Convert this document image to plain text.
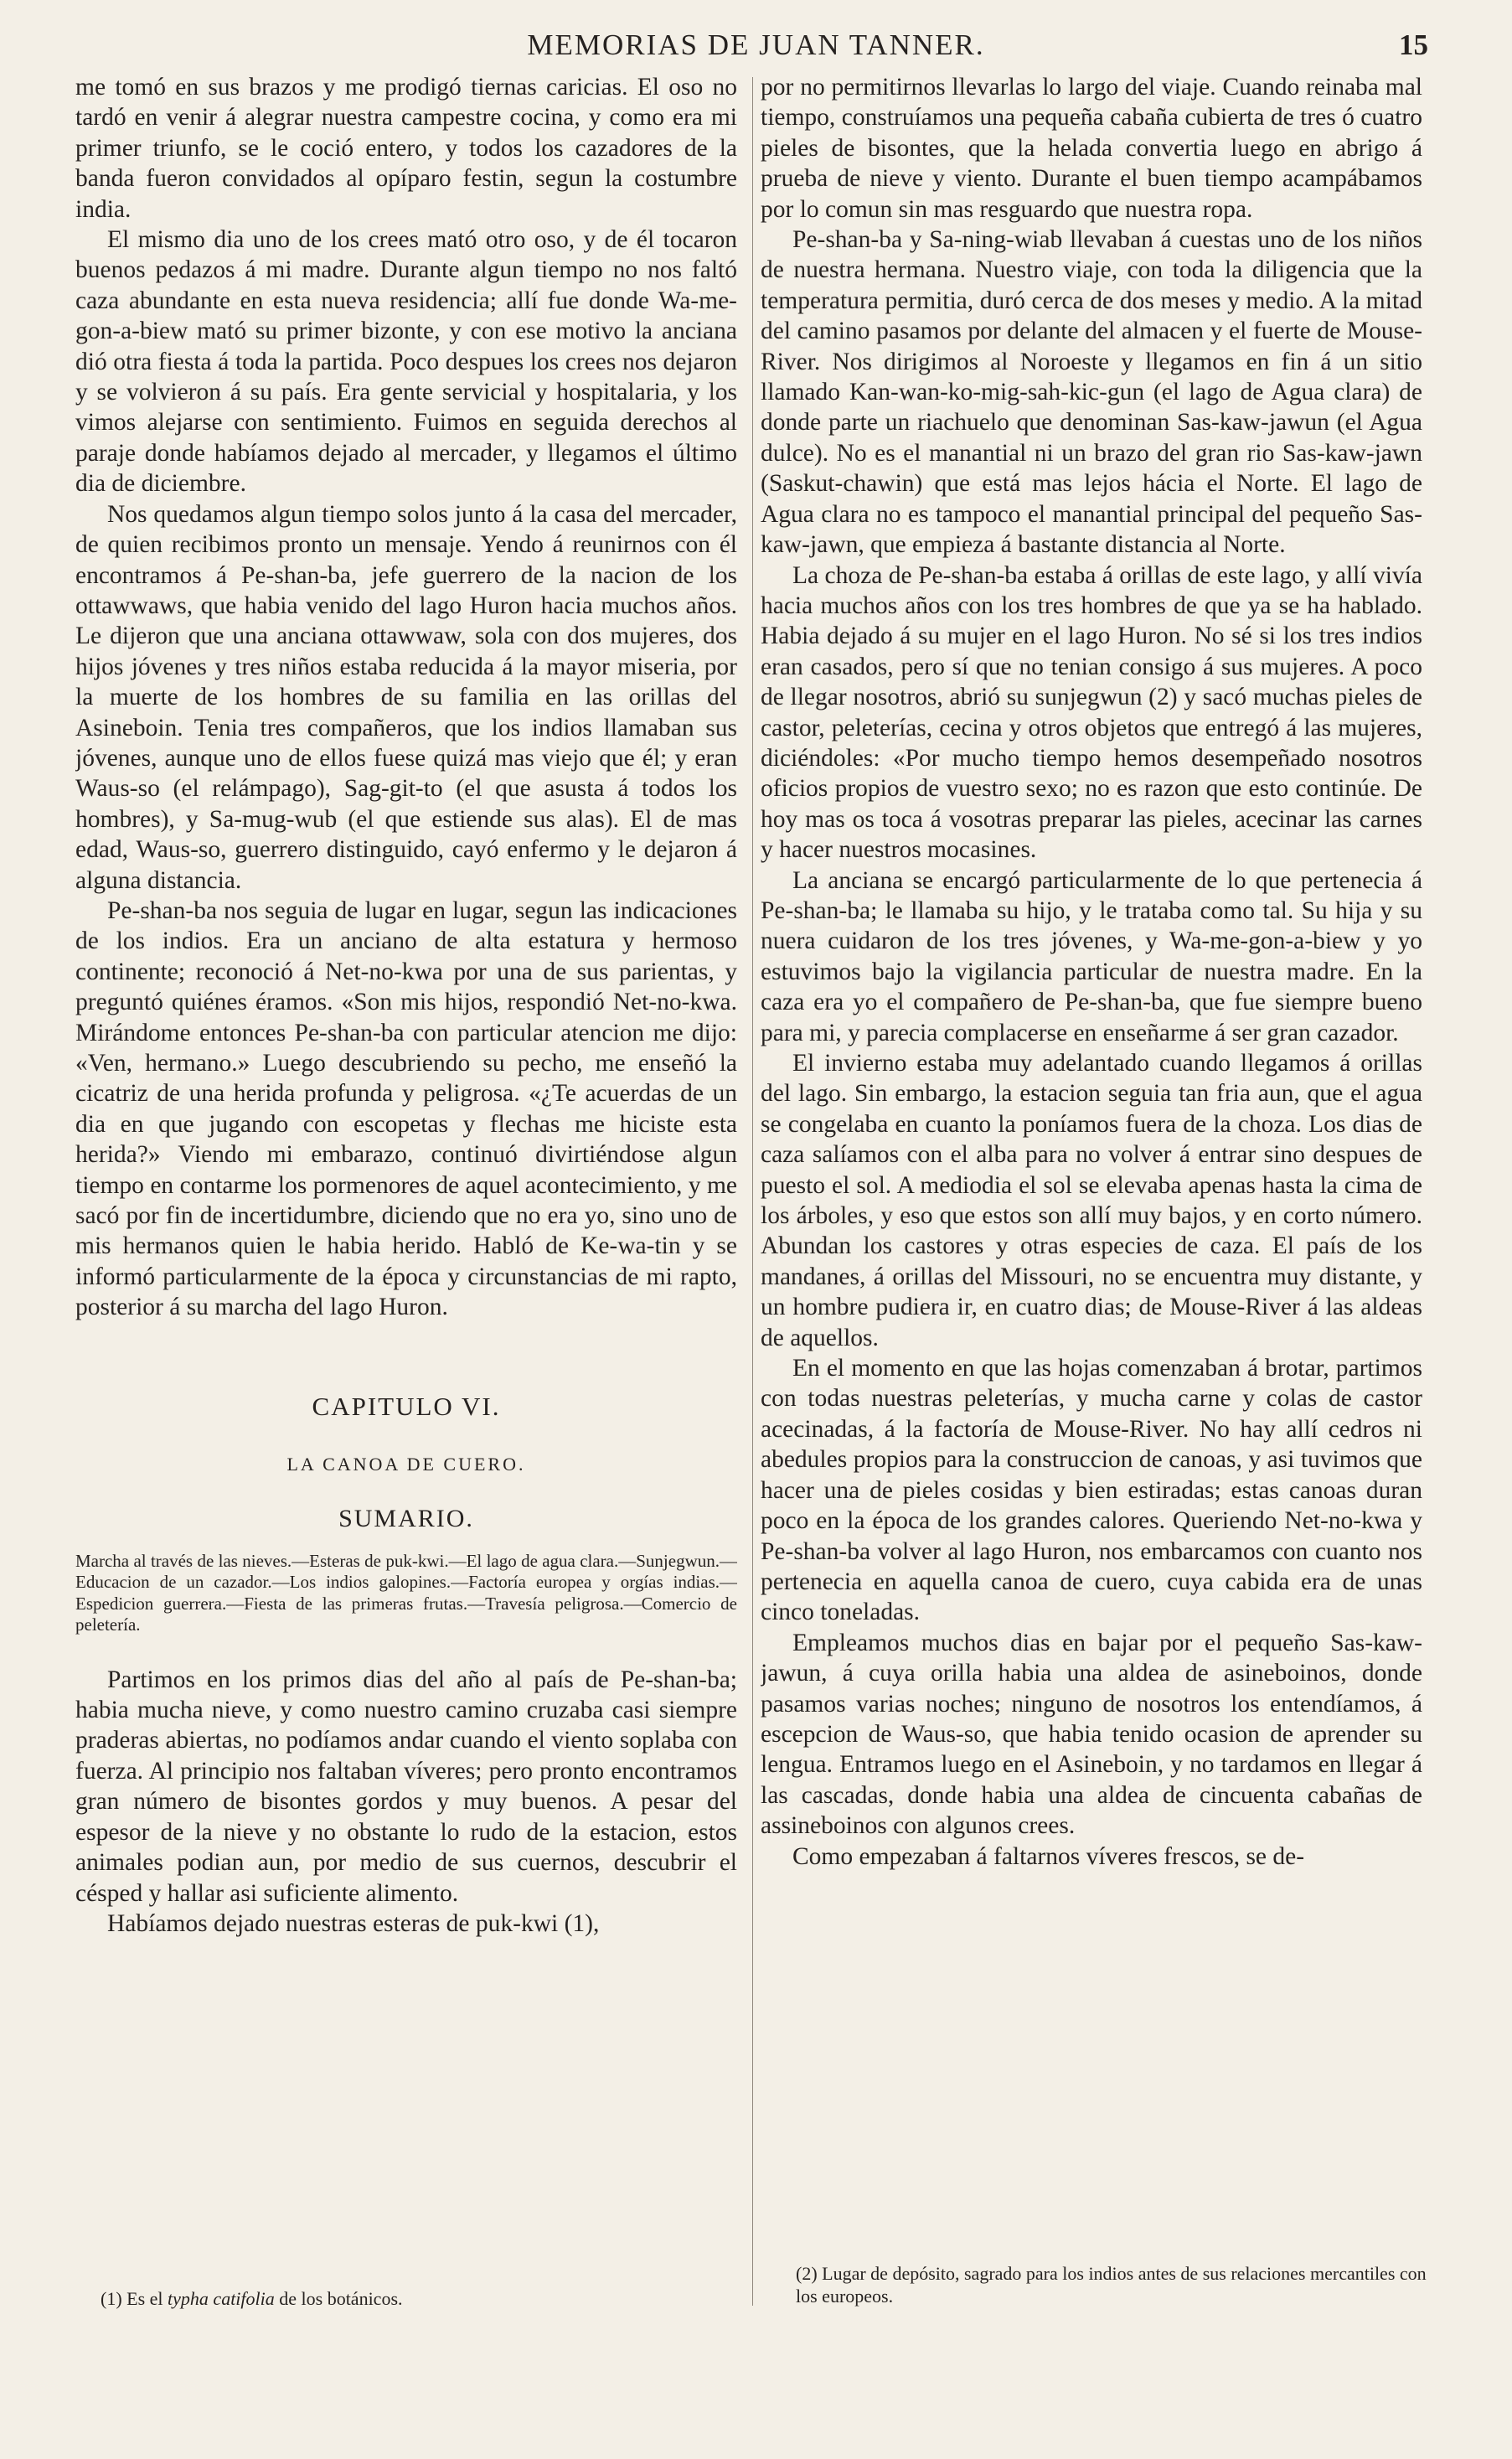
MEMORIAS DE JUAN TANNER.	15

me tomó en sus brazos y me prodigó tiernas caricias. El oso no tardó en venir á alegrar nuestra campestre cocina, y como era mi primer triunfo, se le coció entero, y todos los cazadores de la banda fueron convidados al opíparo festin, segun la costumbre india.

El mismo dia uno de los crees mató otro oso, y de él tocaron buenos pedazos á mi madre. Durante algun tiempo no nos faltó caza abundante en esta nueva residencia; allí fue donde Wa-me-gon-a-biew mató su primer bizonte, y con ese motivo la anciana dió otra fiesta á toda la partida. Poco despues los crees nos dejaron y se volvieron á su país. Era gente servicial y hospitalaria, y los vimos alejarse con sentimiento. Fuimos en seguida derechos al paraje donde habíamos dejado al mercader, y llegamos el último dia de diciembre.

Nos quedamos algun tiempo solos junto á la casa del mercader, de quien recibimos pronto un mensaje. Yendo á reunirnos con él encontramos á Pe-shan-ba, jefe guerrero de la nacion de los ottawwaws, que habia venido del lago Huron hacia muchos años. Le dijeron que una anciana ottawwaw, sola con dos mujeres, dos hijos jóvenes y tres niños estaba reducida á la mayor miseria, por la muerte de los hombres de su familia en las orillas del Asineboin. Tenia tres compañeros, que los indios llamaban sus jóvenes, aunque uno de ellos fuese quizá mas viejo que él; y eran Waus-so (el relámpago), Sag-git-to (el que asusta á todos los hombres), y Sa-mug-wub (el que estiende sus alas). El de mas edad, Waus-so, guerrero distinguido, cayó enfermo y le dejaron á alguna distancia.

Pe-shan-ba nos seguia de lugar en lugar, segun las indicaciones de los indios. Era un anciano de alta estatura y hermoso continente; reconoció á Net-no-kwa por una de sus parientas, y preguntó quiénes éramos. «Son mis hijos, respondió Net-no-kwa. Mirándome entonces Pe-shan-ba con particular atencion me dijo: «Ven, hermano.» Luego descubriendo su pecho, me enseñó la cicatriz de una herida profunda y peligrosa. «¿Te acuerdas de un dia en que jugando con escopetas y flechas me hiciste esta herida?» Viendo mi embarazo, continuó divirtiéndose algun tiempo en contarme los pormenores de aquel acontecimiento, y me sacó por fin de incertidumbre, diciendo que no era yo, sino uno de mis hermanos quien le habia herido. Habló de Ke-wa-tin y se informó particularmente de la época y circunstancias de mi rapto, posterior á su marcha del lago Huron.

CAPITULO VI.
LA CANOA DE CUERO.
SUMARIO.

Marcha al través de las nieves.—Esteras de puk-kwi.—El lago de agua clara.—Sunjegwun.—Educacion de un cazador.—Los indios galopines.—Factoría europea y orgías indias.—Espedicion guerrera.—Fiesta de las primeras frutas.—Travesía peligrosa.—Comercio de peletería.

Partimos en los primos dias del año al país de Pe-shan-ba; habia mucha nieve, y como nuestro camino cruzaba casi siempre praderas abiertas, no podíamos andar cuando el viento soplaba con fuerza. Al principio nos faltaban víveres; pero pronto encontramos gran número de bisontes gordos y muy buenos. A pesar del espesor de la nieve y no obstante lo rudo de la estacion, estos animales podian aun, por medio de sus cuernos, descubrir el césped y hallar asi suficiente alimento.

Habíamos dejado nuestras esteras de puk-kwi (1),

por no permitirnos llevarlas lo largo del viaje. Cuando reinaba mal tiempo, construíamos una pequeña cabaña cubierta de tres ó cuatro pieles de bisontes, que la helada convertia luego en abrigo á prueba de nieve y viento. Durante el buen tiempo acampábamos por lo comun sin mas resguardo que nuestra ropa.

Pe-shan-ba y Sa-ning-wiab llevaban á cuestas uno de los niños de nuestra hermana. Nuestro viaje, con toda la diligencia que la temperatura permitia, duró cerca de dos meses y medio. A la mitad del camino pasamos por delante del almacen y el fuerte de Mouse-River. Nos dirigimos al Noroeste y llegamos en fin á un sitio llamado Kan-wan-ko-mig-sah-kic-gun (el lago de Agua clara) de donde parte un riachuelo que denominan Sas-kaw-jawun (el Agua dulce). No es el manantial ni un brazo del gran rio Sas-kaw-jawn (Saskut-chawin) que está mas lejos hácia el Norte. El lago de Agua clara no es tampoco el manantial principal del pequeño Sas-kaw-jawn, que empieza á bastante distancia al Norte.

La choza de Pe-shan-ba estaba á orillas de este lago, y allí vivía hacia muchos años con los tres hombres de que ya se ha hablado. Habia dejado á su mujer en el lago Huron. No sé si los tres indios eran casados, pero sí que no tenian consigo á sus mujeres. A poco de llegar nosotros, abrió su sunjegwun (2) y sacó muchas pieles de castor, peleterías, cecina y otros objetos que entregó á las mujeres, diciéndoles: «Por mucho tiempo hemos desempeñado nosotros oficios propios de vuestro sexo; no es razon que esto continúe. De hoy mas os toca á vosotras preparar las pieles, acecinar las carnes y hacer nuestros mocasines.

La anciana se encargó particularmente de lo que pertenecia á Pe-shan-ba; le llamaba su hijo, y le trataba como tal. Su hija y su nuera cuidaron de los tres jóvenes, y Wa-me-gon-a-biew y yo estuvimos bajo la vigilancia particular de nuestra madre. En la caza era yo el compañero de Pe-shan-ba, que fue siempre bueno para mi, y parecia complacerse en enseñarme á ser gran cazador.

El invierno estaba muy adelantado cuando llegamos á orillas del lago. Sin embargo, la estacion seguia tan fria aun, que el agua se congelaba en cuanto la poníamos fuera de la choza. Los dias de caza salíamos con el alba para no volver á entrar sino despues de puesto el sol. A mediodia el sol se elevaba apenas hasta la cima de los árboles, y eso que estos son allí muy bajos, y en corto número. Abundan los castores y otras especies de caza. El país de los mandanes, á orillas del Missouri, no se encuentra muy distante, y un hombre pudiera ir, en cuatro dias; de Mouse-River á las aldeas de aquellos.

En el momento en que las hojas comenzaban á brotar, partimos con todas nuestras peleterías, y mucha carne y colas de castor acecinadas, á la factoría de Mouse-River. No hay allí cedros ni abedules propios para la construccion de canoas, y asi tuvimos que hacer una de pieles cosidas y bien estiradas; estas canoas duran poco en la época de los grandes calores. Queriendo Net-no-kwa y Pe-shan-ba volver al lago Huron, nos embarcamos con cuanto nos pertenecia en aquella canoa de cuero, cuya cabida era de unas cinco toneladas.

Empleamos muchos dias en bajar por el pequeño Sas-kaw-jawun, á cuya orilla habia una aldea de asineboinos, donde pasamos varias noches; ninguno de nosotros los entendíamos, á escepcion de Waus-so, que habia tenido ocasion de aprender su lengua. Entramos luego en el Asineboin, y no tardamos en llegar á las cascadas, donde habia una aldea de cincuenta cabañas de assineboinos con algunos crees.

Como empezaban á faltarnos víveres frescos, se de-

(1) Es el typha catifolia de los botánicos.
(2) Lugar de depósito, sagrado para los indios antes de sus relaciones mercantiles con los europeos.
